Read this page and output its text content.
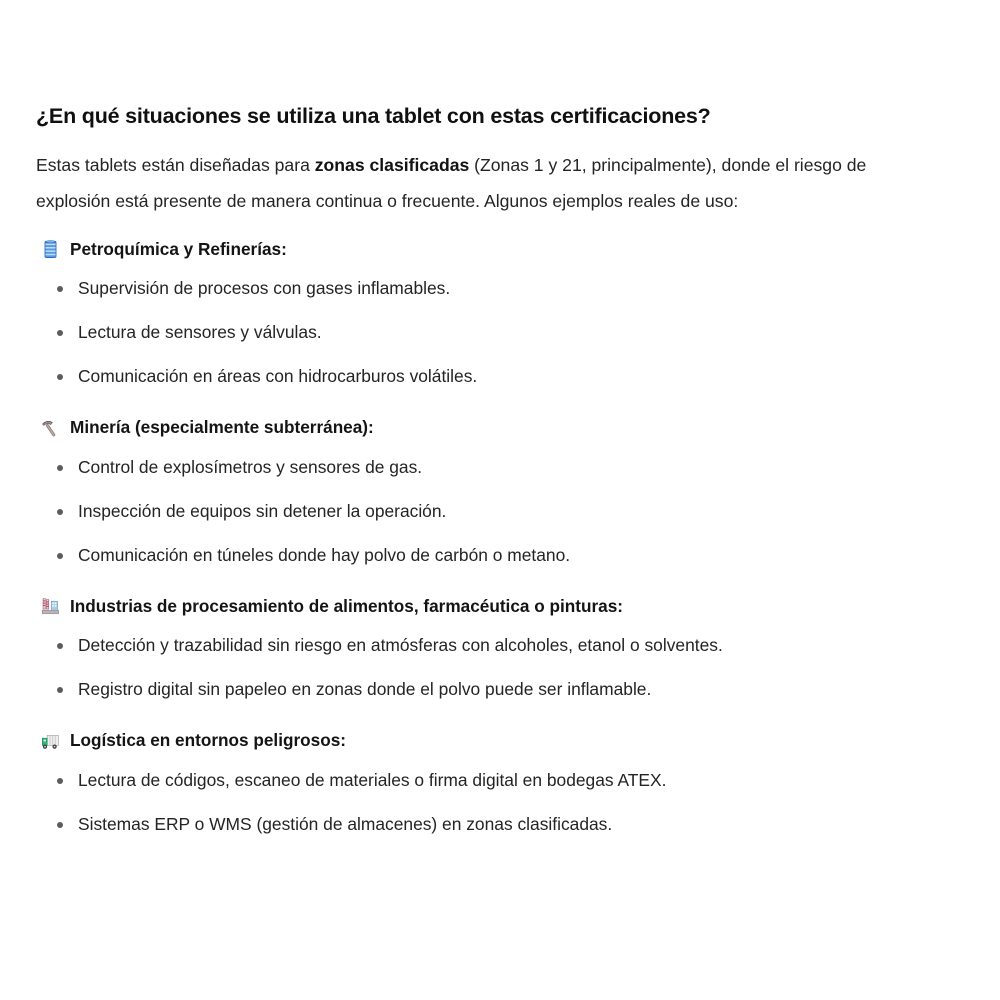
¿En qué situaciones se utiliza una tablet con estas certificaciones?

Estas tablets están diseñadas para zonas clasificadas (Zonas 1 y 21, principalmente), donde el riesgo de explosión está presente de manera continua o frecuente. Algunos ejemplos reales de uso:

Petroquímica y Refinerías:
Supervisión de procesos con gases inflamables.
Lectura de sensores y válvulas.
Comunicación en áreas con hidrocarburos volátiles.
Minería (especialmente subterránea):
Control de explosímetros y sensores de gas.
Inspección de equipos sin detener la operación.
Comunicación en túneles donde hay polvo de carbón o metano.
Industrias de procesamiento de alimentos, farmacéutica o pinturas:
Detección y trazabilidad sin riesgo en atmósferas con alcoholes, etanol o solventes.
Registro digital sin papeleo en zonas donde el polvo puede ser inflamable.
Logística en entornos peligrosos:
Lectura de códigos, escaneo de materiales o firma digital en bodegas ATEX.
Sistemas ERP o WMS (gestión de almacenes) en zonas clasificadas.
